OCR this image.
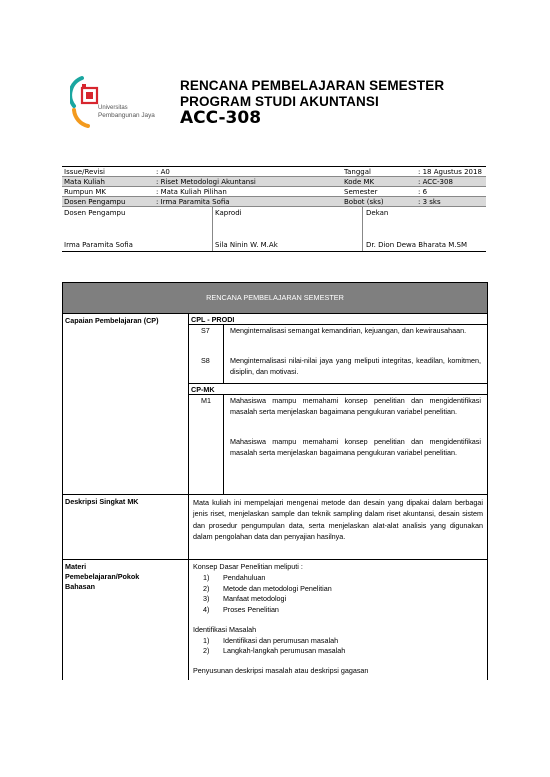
Universitas
Pembangunan Jaya
RENCANA PEMBELAJARAN SEMESTER
PROGRAM STUDI AKUNTANSI
ACC-308
Issue/Revisi	: A0	Tanggal	: 18 Agustus 2018
Mata Kuliah	: Riset Metodologi Akuntansi	Kode MK	: ACC-308
Rumpun MK	: Mata Kuliah Pilihan	Semester	: 6
Dosen Pengampu	: Irma Paramita Sofia	Bobot (sks)	: 3 sks
Dosen Pengampu	Kaprodi	Dekan
Irma Paramita Sofia	Sila Ninin W. M.Ak	Dr. Dion Dewa Bharata M.SM
RENCANA PEMBELAJARAN SEMESTER
Capaian Pembelajaran (CP)	CPL - PRODI
S7	Menginternalisasi semangat kemandirian, kejuangan, dan kewirausahaan.
S8	Menginternalisasi nilai-nilai jaya yang meliputi integritas, keadilan, komitmen, disiplin, dan motivasi.
CP-MK
M1	Mahasiswa mampu memahami konsep penelitian dan mengidentifikasi masalah serta menjelaskan bagaimana pengukuran variabel penelitian.
Mahasiswa mampu memahami konsep penelitian dan mengidentifikasi masalah serta menjelaskan bagaimana pengukuran variabel penelitian.
Deskripsi Singkat MK	Mata kuliah ini mempelajari mengenai metode dan desain yang dipakai dalam berbagai jenis riset, menjelaskan sample dan teknik sampling dalam riset akuntansi, desain sistem dan prosedur pengumpulan data, serta menjelaskan alat-alat analisis yang digunakan dalam pengolahan data dan penyajian hasilnya.
Materi
Pemebelajaran/Pokok
Bahasan
Konsep Dasar Penelitian meliputi :
1) Pendahuluan
2) Metode dan metodologi Penelitian
3) Manfaat metodologi
4) Proses Penelitian
Identifikasi Masalah
1) Identifikasi dan perumusan masalah
2) Langkah-langkah perumusan masalah
Penyusunan deskripsi masalah atau deskripsi gagasan
